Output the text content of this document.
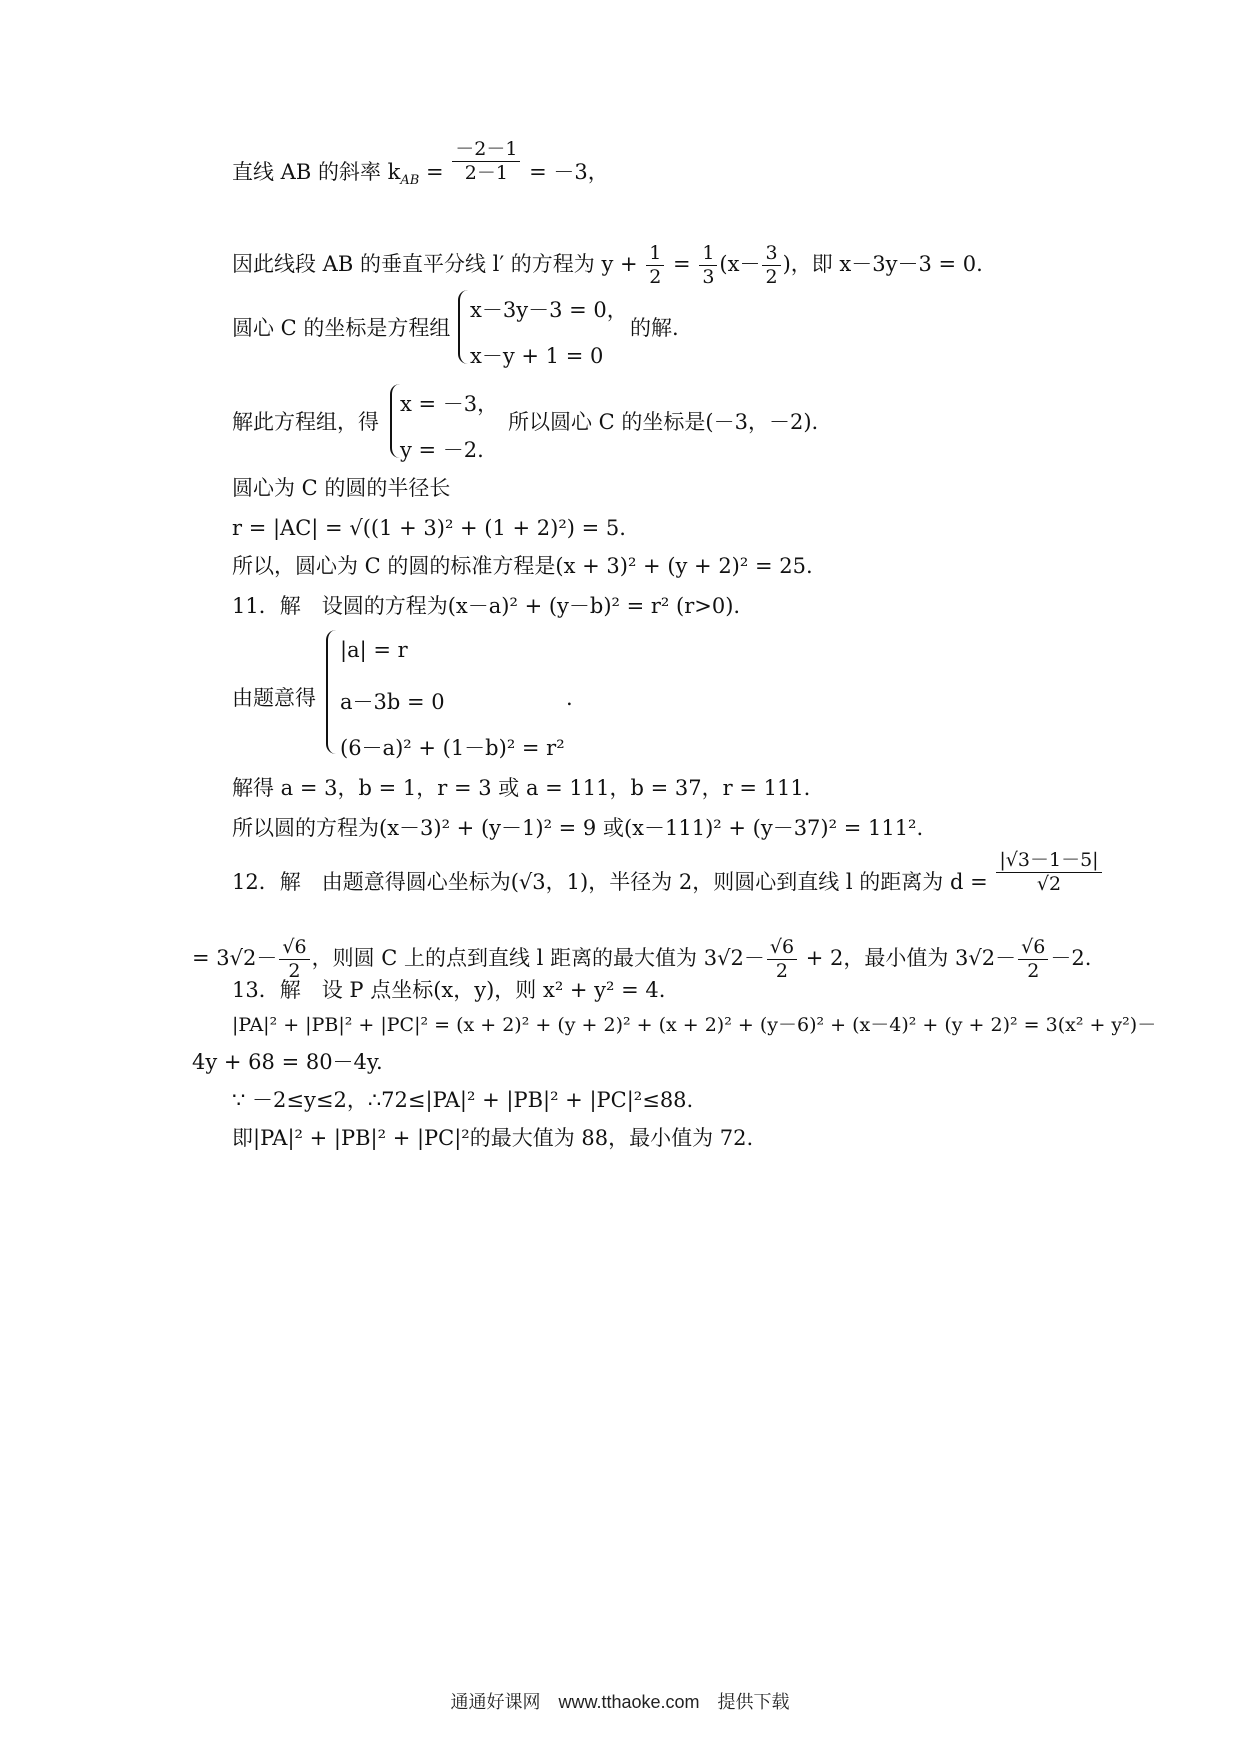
直线 AB 的斜率 $k_{AB} = \frac{-2-1}{2-1} = -3$，
因此线段 AB 的垂直平分线 l′ 的方程为 $y + \frac{1}{2} = \frac{1}{3} (x- \frac{3}{2}$ )，即 x－3y－3 = 0.
圆心 C 的坐标是方程组
x－3y－3 = 0，
x－y + 1 = 0
的解.
解此方程组，得
x = －3，
y = －2.
所以圆心 C 的坐标是(－3，－2).
圆心为 C 的圆的半径长
r = |AC| = √((1 + 3)² + (1 + 2)²) = 5.
所以，圆心为 C 的圆的标准方程是(x + 3)² + (y + 2)² = 25.
11．解　设圆的方程为(x－a)² + (y－b)² = r² (r>0).
由题意得
|a| = r
a－3b = 0
(6－a)² + (1－b)² = r²
.
解得 a = 3，b = 1，r = 3 或 a = 111，b = 37，r = 111.
所以圆的方程为(x－3)² + (y－1)² = 9 或(x－111)² + (y－37)² = 111².
12．解　由题意得圆心坐标为(√3，1)，半径为 2，则圆心到直线 l 的距离为 $d = \frac{|√3-1-5|}{√2}$
= $3√2- \frac{√6}{2}$ ，则圆 C 上的点到直线 l 距离的最大值为 $3√2- \frac{√6}{2} + 2$，最小值为 $3√2- \frac{√6}{2} -2$.
13．解　设 P 点坐标(x，y)，则 x² + y² = 4.
|PA|² + |PB|² + |PC|² = (x + 2)² + (y + 2)² + (x + 2)² + (y－6)² + (x－4)² + (y + 2)² = 3(x² + y²)－
4y + 68 = 80－4y.
∵ －2≤y≤2，∴72≤|PA|² + |PB|² + |PC|²≤88.
即|PA|² + |PB|² + |PC|²的最大值为 88，最小值为 72.
通通好课网　www.tthaoke.com　提供下载
